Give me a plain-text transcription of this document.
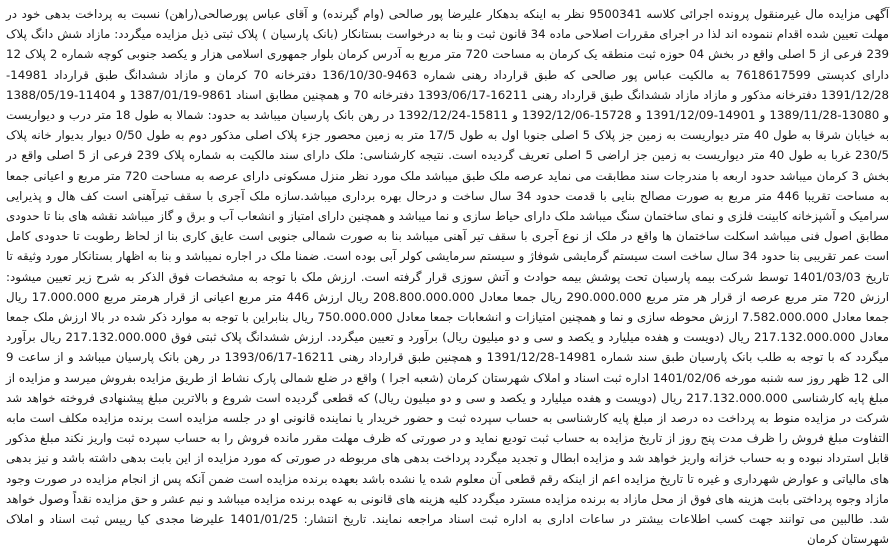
آگهی مزایده مال غیرمنقول پرونده اجرائی کلاسه 9500341 نظر به اینکه بدهکار علیرضا پور صالحی (وام گیرنده) و آقای عباس پورصالحی(راهن) نسبت به پرداخت بدهی خود در مهلت تعیین شده اقدام ننموده اند لذا در اجرای مقررات اصلاحی ماده 34 قانون ثبت و بنا به درخواست بستانکار (بانک پارسیان ) پلاک ثبتی ذیل مزایده میگردد: مازاد شش دانگ پلاک 239 فرعی از 5 اصلی واقع در بخش 04 حوزه ثبت منطقه یک کرمان به مساحت 720 متر مربع به آدرس کرمان بلوار جمهوری اسلامی هزار و یکصد جنوبی کوچه شماره 2 پلاک 12 دارای کدپستی 7618617599 به مالکیت عباس پور صالحی که طبق قرارداد رهنی شماره 9463-136/10/30 دفترخانه 70 کرمان و مازاد ششدانگ طبق قرارداد 14981-1391/12/28 دفترخانه مذکور و مازاد مازاد ششدانگ طبق قرارداد رهنی 16211-1393/06/17 دفترخانه 70 و همچنین مطابق اسناد 9861-1387/01/19 و 11404-1388/05/19 و 13080-1389/11/28 و 14901-1391/12/09 و 15728-1392/12/06 و 15811-1392/12/24 در رهن بانک پارسیان میباشد به حدود: شمالا به طول 18 متر درب و دیواریست به خیابان شرقا به طول 40 متر دیواریست به زمین جز پلاک 5 اصلی جنوبا اول به طول 17/5 متر به زمین محصور جزء پلاک اصلی مذکور دوم به طول 0/50 دیوار بدیوار خانه پلاک 230/5 غربا به طول 40 متر دیواریست به زمین جز اراضی 5 اصلی تعریف گردیده است. نتیجه کارشناسی: ملک دارای سند مالکیت به شماره پلاک 239 فرعی از 5 اصلی واقع در بخش 3 کرمان میباشد حدود اربعه با مندرجات سند مطابقت می نماید عرصه ملک طبق میباشد ملک مورد نظر منزل مسکونی دارای عرصه به مساحت 720 متر مربع و اعیانی جمعا به مساحت تقریبا 446 متر مربع به صورت مصالح بنایی با قدمت حدود 34 سال ساخت و درحال بهره برداری میباشد.سازه ملک آجری با سقف تیرآهنی است کف هال و پذیرایی سرامیک و آشپزخانه کابینت فلزی و نمای ساختمان سنگ میباشد ملک دارای حیاط سازی و نما میباشد و همچنین دارای امتیاز و انشعاب آب و برق و گاز میباشد نقشه های بنا تا حدودی مطابق اصول فنی میباشد اسکلت ساختمان ها واقع در ملک از نوع آجری با سقف تیر آهنی میباشد بنا به صورت شمالی جنوبی است عایق کاری بنا از لحاظ رطوبت تا حدودی کامل است عمر تقریبی بنا حدود 34 سال ساخت است سیستم گرمایشی شوفاژ و سیستم سرمایشی کولر آبی بوده است. ضمنا ملک در اجاره نمیباشد و بنا به اظهار بستانکار مورد وثیقه تا تاریخ 1401/03/03 توسط شرکت بیمه پارسیان تحت پوشش بیمه حوادث و آتش سوزی قرار گرفته است. ارزش ملک با توجه به مشخصات فوق الذکر به شرح زیر تعیین میشود: ارزش 720 متر مربع عرصه از قرار هر متر مربع 290.000.000 ریال جمعا معادل 208.800.000.000 ریال ارزش 446 متر مربع اعیانی از قرار هرمتر مربع 17.000.000 ریال جمعا معادل 7.582.000.000 ارزش محوطه سازی و نما و همچنین امتیازات و انشعابات جمعا معادل 750.000.000 ریال بنابراین با توجه به موارد ذکر شده در بالا ارزش ملک جمعا معادل 217.132.000.000 ریال (دویست و هفده میلیارد و یکصد و سی و دو میلیون ریال) برآورد و تعیین میگردد. ارزش ششدانگ پلاک ثبتی فوق 217.132.000.000 ریال برآورد میگردد که با توجه به طلب بانک پارسیان طبق سند شماره 14981-1391/12/28 و همچنین طبق قرارداد رهنی 16211-1393/06/17 در رهن بانک پارسیان میباشد و از ساعت 9 الی 12 ظهر روز سه شنبه مورخه 1401/02/06 اداره ثبت اسناد و املاک شهرستان کرمان (شعبه اجرا ) واقع در ضلع شمالی پارک نشاط از طریق مزایده بفروش میرسد و مزایده از مبلغ پایه کارشناسی 217.132.000.000 ریال (دویست و هفده میلیارد و یکصد و سی و دو میلیون ریال) که قطعی گردیده است شروع و بالاترین مبلغ پیشنهادی فروخته خواهد شد شرکت در مزایده منوط به پرداخت ده درصد از مبلغ پایه کارشناسی به حساب سپرده ثبت و حضور خریدار یا نماینده قانونی او در جلسه مزایده است برنده مزایده مکلف است مابه التفاوت مبلغ فروش را ظرف مدت پنج روز از تاریخ مزایده به حساب ثبت تودیع نماید و در صورتی که ظرف مهلت مقرر مانده فروش را به حساب سپرده ثبت واریز نکند مبلغ مذکور قابل استرداد نبوده و به حساب خزانه واریز خواهد شد و مزایده ابطال و تجدید میگردد پرداخت بدهی های مربوطه در صورتی که مورد مزایده از این بابت بدهی داشته باشد و نیز بدهی های مالیاتی و عوارض شهرداری و غیره تا تاریخ مزایده اعم از اینکه رقم قطعی آن معلوم شده یا نشده باشد بعهده برنده مزایده است ضمن آنکه پس از انجام مزایده در صورت وجود مازاد وجوه پرداختی بابت هزینه های فوق از محل مازاد به برنده مزایده مسترد میگردد کلیه هزینه های قانونی به عهده برنده مزایده میباشد و نیم عشر و حق مزایده نقداً وصول خواهد شد. طالبین می توانند جهت کسب اطلاعات بیشتر در ساعات اداری به اداره ثبت اسناد مراجعه نمایند. تاریخ انتشار: 1401/01/25 علیرضا مجدی کیا رییس ثبت اسناد و املاک شهرستان کرمان
